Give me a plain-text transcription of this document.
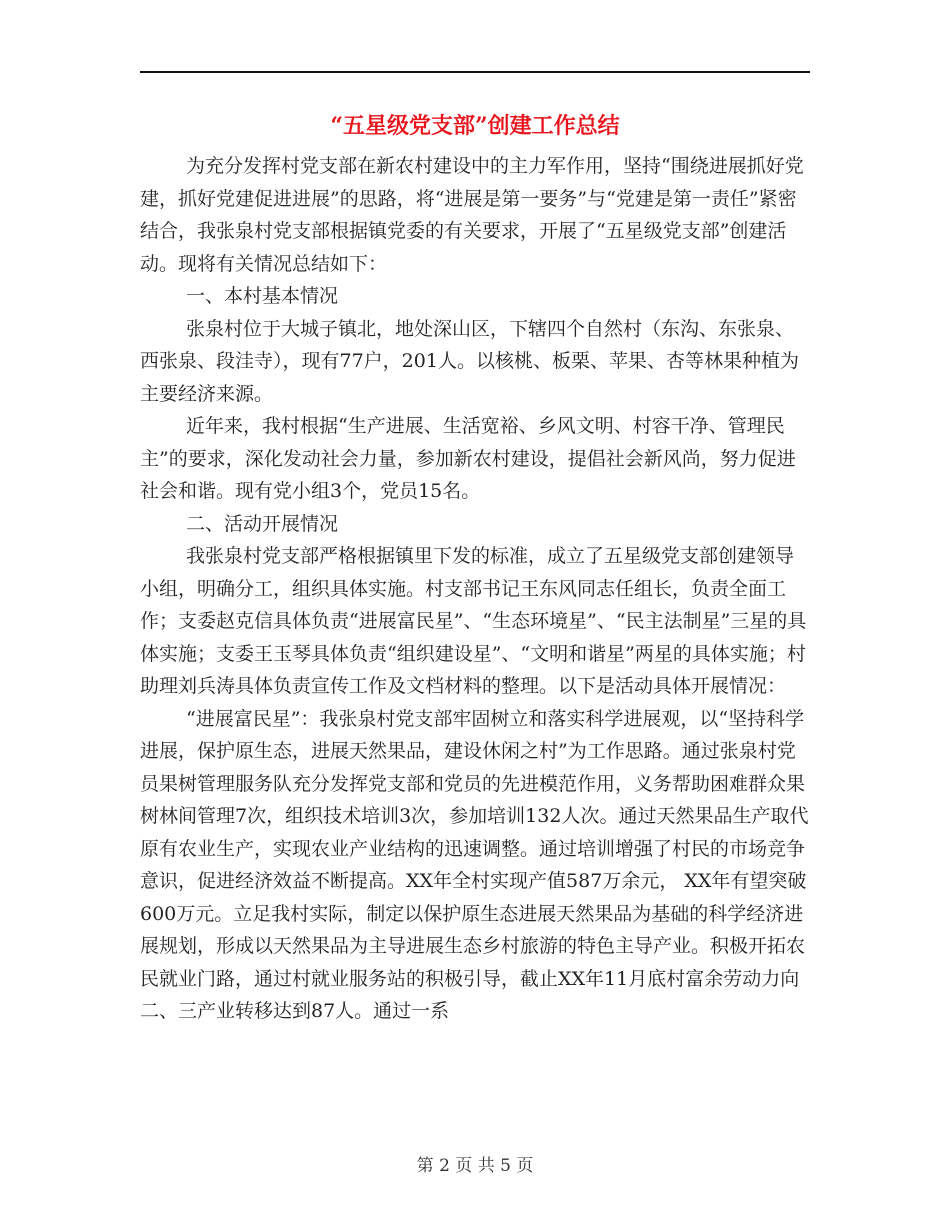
“五星级党支部”创建工作总结

为充分发挥村党支部在新农村建设中的主力军作用，坚持“围绕进展抓好党建，抓好党建促进进展”的思路，将“进展是第一要务”与“党建是第一责任”紧密结合，我张泉村党支部根据镇党委的有关要求，开展了“五星级党支部”创建活动。现将有关情况总结如下：

一、本村基本情况

张泉村位于大城子镇北，地处深山区，下辖四个自然村（东沟、东张泉、西张泉、段洼寺），现有77户，201人。以核桃、板栗、苹果、杏等林果种植为主要经济来源。

近年来，我村根据“生产进展、生活宽裕、乡风文明、村容干净、管理民主”的要求，深化发动社会力量，参加新农村建设，提倡社会新风尚，努力促进社会和谐。现有党小组3个，党员15名。

二、活动开展情况

我张泉村党支部严格根据镇里下发的标准，成立了五星级党支部创建领导小组，明确分工，组织具体实施。村支部书记王东风同志任组长，负责全面工作；支委赵克信具体负责“进展富民星”、“生态环境星”、“民主法制星”三星的具体实施；支委王玉琴具体负责“组织建设星”、“文明和谐星”两星的具体实施；村助理刘兵涛具体负责宣传工作及文档材料的整理。以下是活动具体开展情况：

“进展富民星”：我张泉村党支部牢固树立和落实科学进展观，以“坚持科学进展，保护原生态，进展天然果品，建设休闲之村”为工作思路。通过张泉村党员果树管理服务队充分发挥党支部和党员的先进模范作用，义务帮助困难群众果树林间管理7次，组织技术培训3次，参加培训132人次。通过天然果品生产取代原有农业生产，实现农业产业结构的迅速调整。通过培训增强了村民的市场竞争意识，促进经济效益不断提高。XX年全村实现产值587万余元， XX年有望突破600万元。立足我村实际，制定以保护原生态进展天然果品为基础的科学经济进展规划，形成以天然果品为主导进展生态乡村旅游的特色主导产业。积极开拓农民就业门路，通过村就业服务站的积极引导，截止XX年11月底村富余劳动力向二、三产业转移达到87人。通过一系

第 2 页 共 5 页
